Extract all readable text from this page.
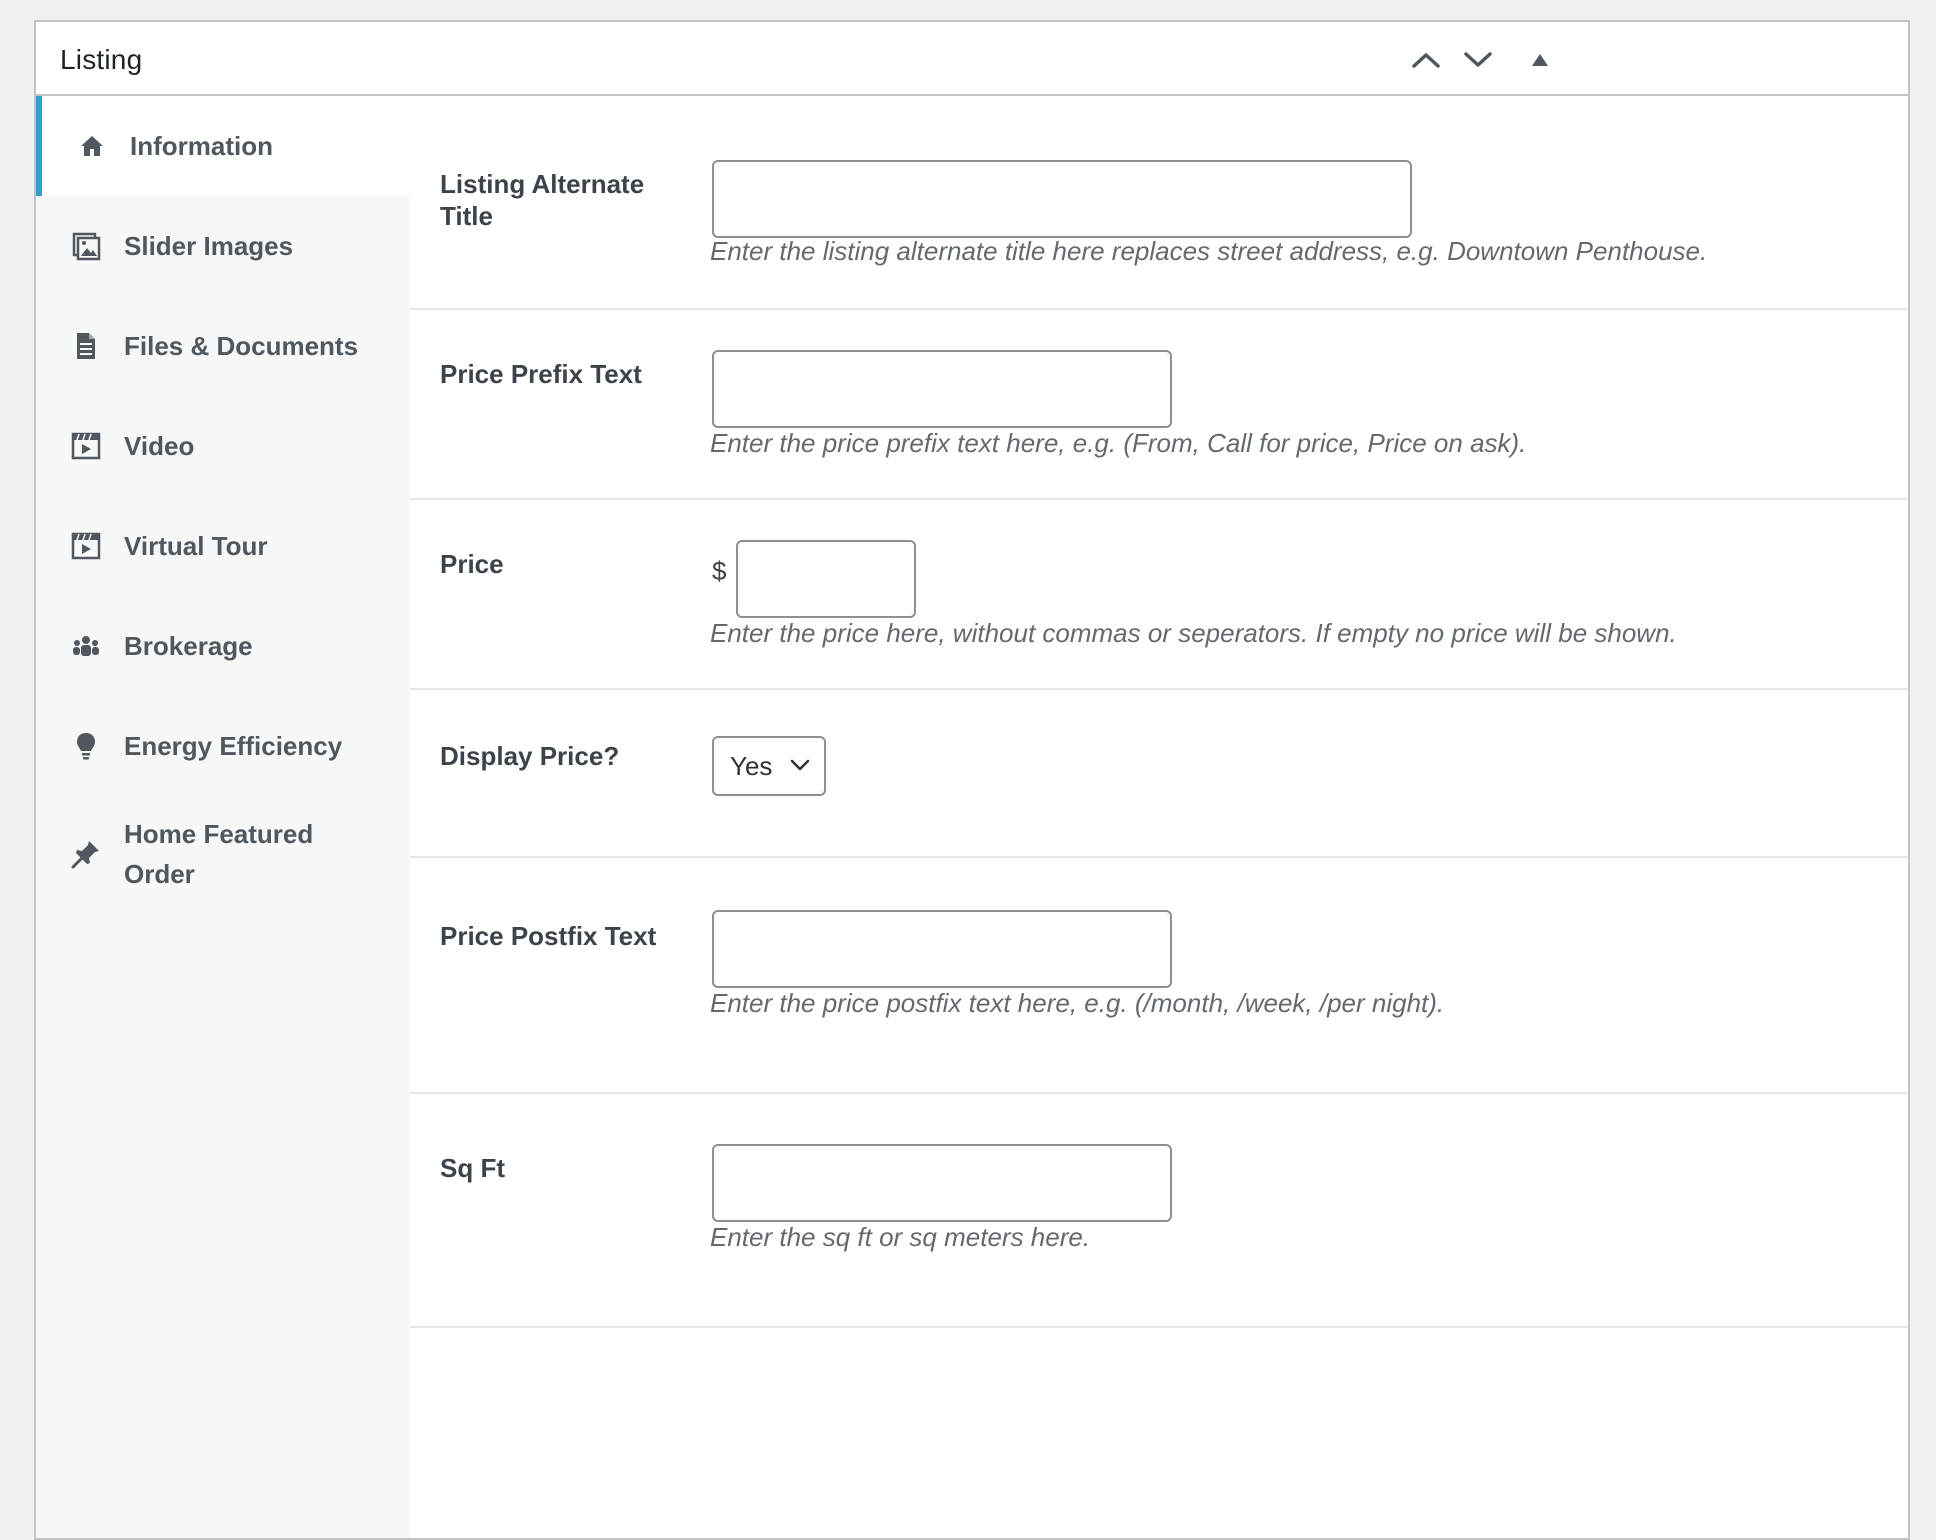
Listing
Information
Slider Images
Files & Documents
Video
Virtual Tour
Brokerage
Energy Efficiency
Home Featured Order
Listing Alternate Title
Enter the listing alternate title here replaces street address, e.g. Downtown Penthouse.
Price Prefix Text
Enter the price prefix text here, e.g. (From, Call for price, Price on ask).
Price	$
Enter the price here, without commas or seperators. If empty no price will be shown.
Display Price?	Yes
Price Postfix Text
Enter the price postfix text here, e.g. (/month, /week, /per night).
Sq Ft
Enter the sq ft or sq meters here.
